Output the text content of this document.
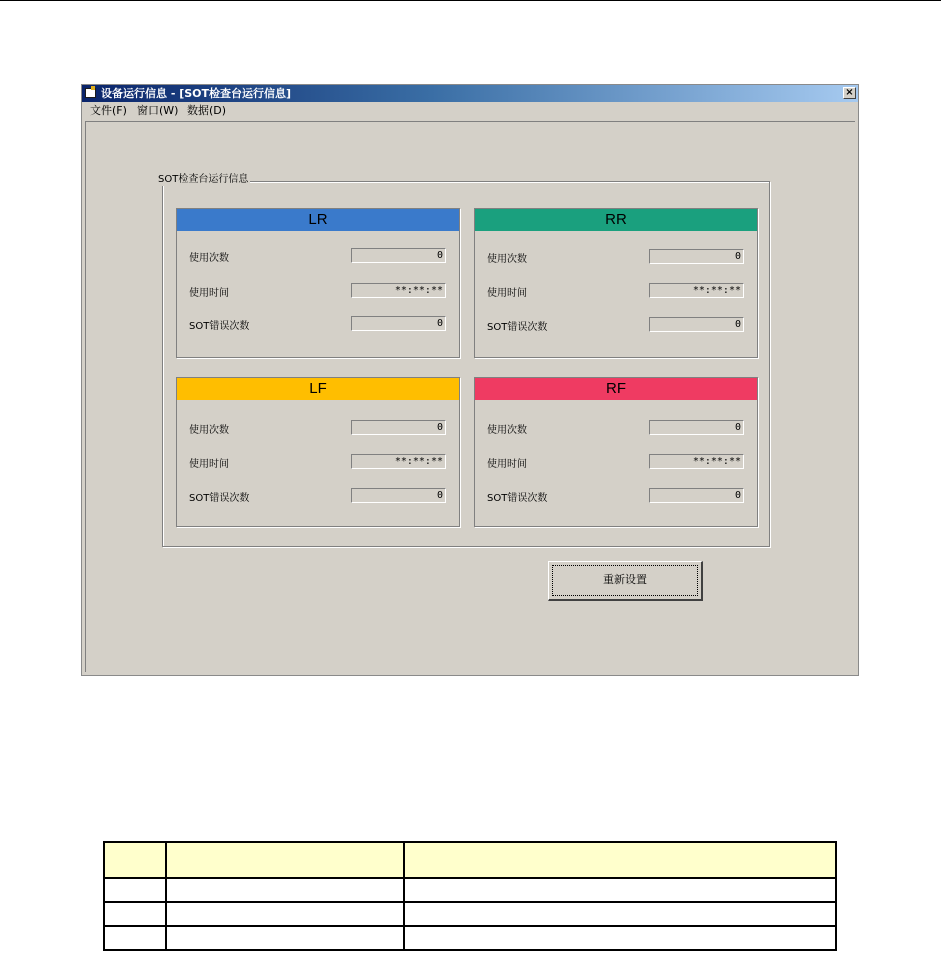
设备运行信息 - [SOT检查台运行信息]	×
文件(F) 窗口(W) 数据(D)
SOT检查台运行信息
LR
使用次数	0
使用时间	**:**:**
SOT错误次数	0
RR
使用次数	0
使用时间	**:**:**
SOT错误次数	0
LF
使用次数	0
使用时间	**:**:**
SOT错误次数	0
RF
使用次数	0
使用时间	**:**:**
SOT错误次数	0
重新设置
